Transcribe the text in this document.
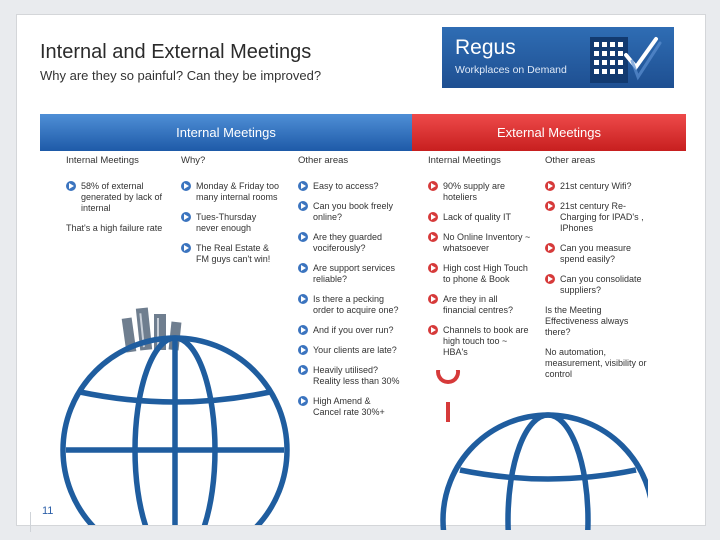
Internal and External Meetings
Why are they so painful? Can they be improved?
Regus
Workplaces on Demand
Internal Meetings	External Meetings
Internal Meetings
58% of external generated by lack of internal
That's a high failure rate
Why?
Monday & Friday too many internal rooms
Tues-Thursday never enough
The Real Estate & FM guys can't win!
Other areas
Easy to access?
Can you book freely online?
Are they guarded vociferously?
Are support services reliable?
Is there a pecking order to acquire one?
And if you over run?
Your clients are late?
Heavily utilised? Reality less than 30%
High Amend & Cancel rate 30%+
Internal Meetings
90% supply are hoteliers
Lack of quality IT
No Online Inventory ~ whatsoever
High cost High Touch to phone & Book
Are they in all financial centres?
Channels to book are high touch too ~ HBA's
Other areas
21st century Wifi?
21st century Re-Charging for IPAD's , IPhones
Can you measure spend easily?
Can you consolidate suppliers?
Is the Meeting Effectiveness always there?
No automation, measurement, visibility or control
11
